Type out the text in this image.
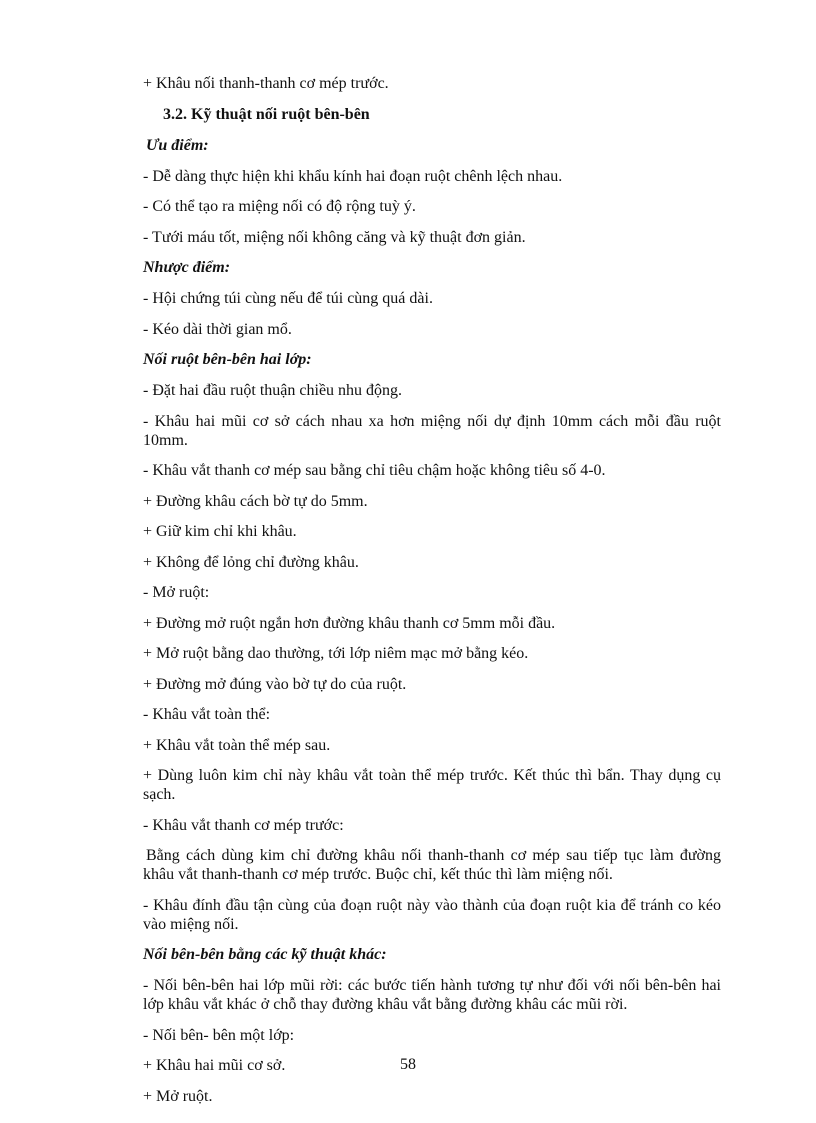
+ Khâu nối thanh-thanh cơ mép trước.

3.2. Kỹ thuật nối ruột bên-bên

Ưu điểm:

- Dễ dàng thực hiện khi khẩu kính hai đoạn ruột chênh lệch nhau.

- Có thể tạo ra miệng nối có độ rộng tuỳ ý.

- Tưới máu tốt, miệng nối không căng và kỹ thuật đơn giản.

Nhược điểm:

- Hội chứng túi cùng nếu để túi cùng quá dài.

- Kéo dài thời gian mổ.

Nối ruột bên-bên hai lớp:

- Đặt hai đầu ruột thuận chiều nhu động.

- Khâu hai mũi cơ sở cách nhau xa hơn miệng nối dự định 10mm cách mỗi đầu ruột 10mm.

- Khâu vắt thanh cơ mép sau bằng chỉ tiêu chậm hoặc không tiêu số 4-0.

+ Đường khâu cách bờ tự do 5mm.

+ Giữ kim chỉ khi khâu.

+ Không để lỏng chỉ đường khâu.

- Mở ruột:

+ Đường mở ruột ngắn hơn đường khâu thanh cơ 5mm mỗi đầu.

+ Mở ruột bằng dao thường, tới lớp niêm mạc mở bằng kéo.

+ Đường mở đúng vào bờ tự do của ruột.

- Khâu vắt toàn thể:

+ Khâu vắt toàn thể mép sau.

+ Dùng luôn kim chỉ này khâu vắt toàn thể mép trước. Kết thúc thì bẩn. Thay dụng cụ sạch.

- Khâu vắt thanh cơ mép trước:

Bằng cách dùng kim chỉ đường khâu nối thanh-thanh cơ mép sau tiếp tục làm đường khâu vắt thanh-thanh cơ mép trước. Buộc chỉ, kết thúc thì làm miệng nối.

- Khâu đính đầu tận cùng của đoạn ruột này vào thành của đoạn ruột kia để tránh co kéo vào miệng nối.

Nối bên-bên bằng các kỹ thuật khác:

- Nối bên-bên hai lớp mũi rời: các bước tiến hành tương tự như đối với nối bên-bên hai lớp khâu vắt khác ở chỗ thay đường khâu vắt bằng đường khâu các mũi rời.

- Nối bên- bên một lớp:

+ Khâu hai mũi cơ sở.

+ Mở ruột.

58
